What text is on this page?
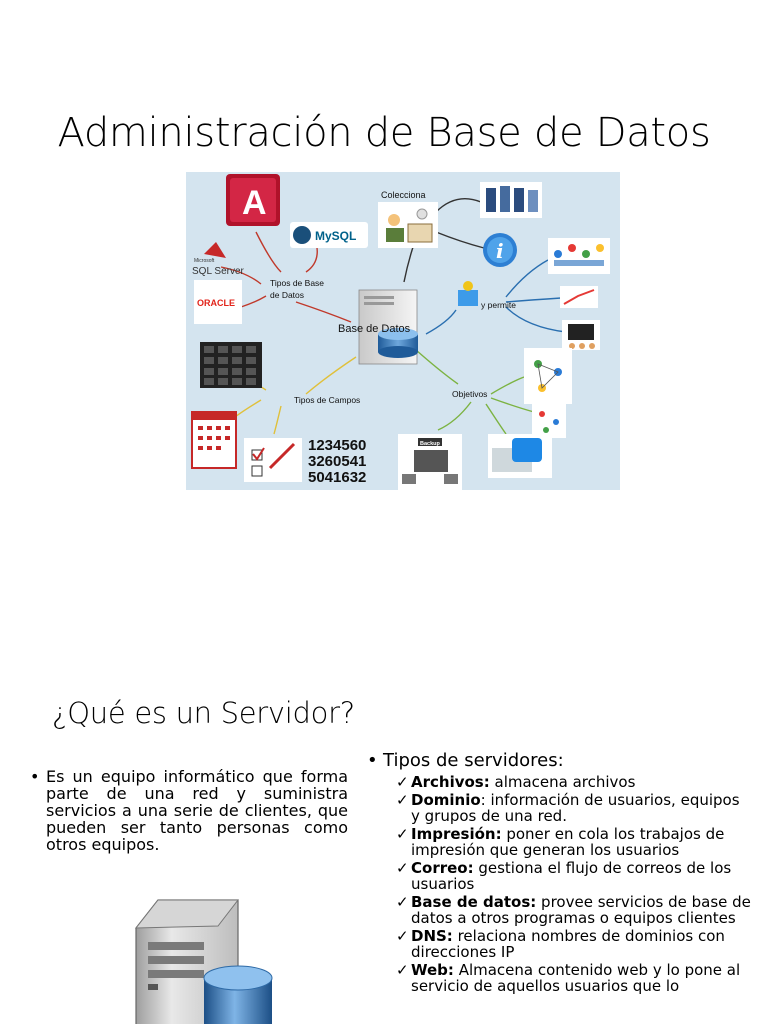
Administración de Base de Datos
A
MySQL
Microsoft
SQL Server
ORACLE
Tipos de Base
de Datos
Colecciona
i
Base de Datos
y permite
Objetivos
Backup
Tipos de Campos
1234560
3260541
5041632
¿Qué es un Servidor?
• Es un equipo informático que forma parte de una red y suministra servicios a una serie de clientes, que pueden ser tanto personas como otros equipos.
• Tipos de servidores:
✓ Archivos: almacena archivos
✓ Dominio: información de usuarios, equipos y grupos de una red.
✓ Impresión: poner en cola los trabajos de impresión que generan los usuarios
✓ Correo: gestiona el flujo de correos de los usuarios
✓ Base de datos: provee servicios de base de datos a otros programas o equipos clientes
✓ DNS: relaciona nombres de dominios con direcciones IP
✓ Web: Almacena contenido web y lo pone al servicio de aquellos usuarios que lo
